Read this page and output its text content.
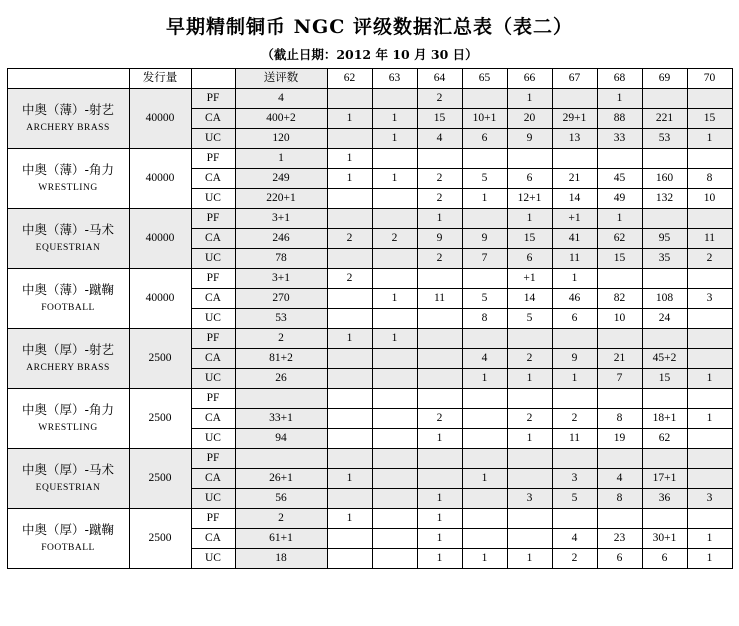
早期精制铜币 NGC 评级数据汇总表（表二）
（截止日期：2012 年 10 月 30 日）
	发行量		送评数	62	63	64	65	66	67	68	69	70

中奥（薄）-射艺
ARCHERY BRASS	40000	PF	4			2		1		1		
		CA	400+2	1	1	15	10+1	20	29+1	88	221	15
		UC	120		1	4	6	9	13	33	53	1

中奥（薄）-角力
WRESTLING	40000	PF	1	1								
		CA	249	1	1	2	5	6	21	45	160	8
		UC	220+1			2	1	12+1	14	49	132	10

中奥（薄）-马术
EQUESTRIAN	40000	PF	3+1			1		1	+1	1		
		CA	246	2	2	9	9	15	41	62	95	11
		UC	78			2	7	6	11	15	35	2

中奥（薄）-蹴鞠
FOOTBALL	40000	PF	3+1	2				+1	1			
		CA	270		1	11	5	14	46	82	108	3
		UC	53				8	5	6	10	24	

中奥（厚）-射艺
ARCHERY BRASS	2500	PF	2	1	1							
		CA	81+2				4	2	9	21	45+2	
		UC	26				1	1	1	7	15	1

中奥（厚）-角力
WRESTLING	2500	PF										
		CA	33+1			2		2	2	8	18+1	1
		UC	94			1		1	11	19	62	

中奥（厚）-马术
EQUESTRIAN	2500	PF										
		CA	26+1	1			1		3	4	17+1	
		UC	56			1		3	5	8	36	3

中奥（厚）-蹴鞠
FOOTBALL	2500	PF	2	1		1						
		CA	61+1			1			4	23	30+1	1
		UC	18			1	1	1	2	6	6	1
